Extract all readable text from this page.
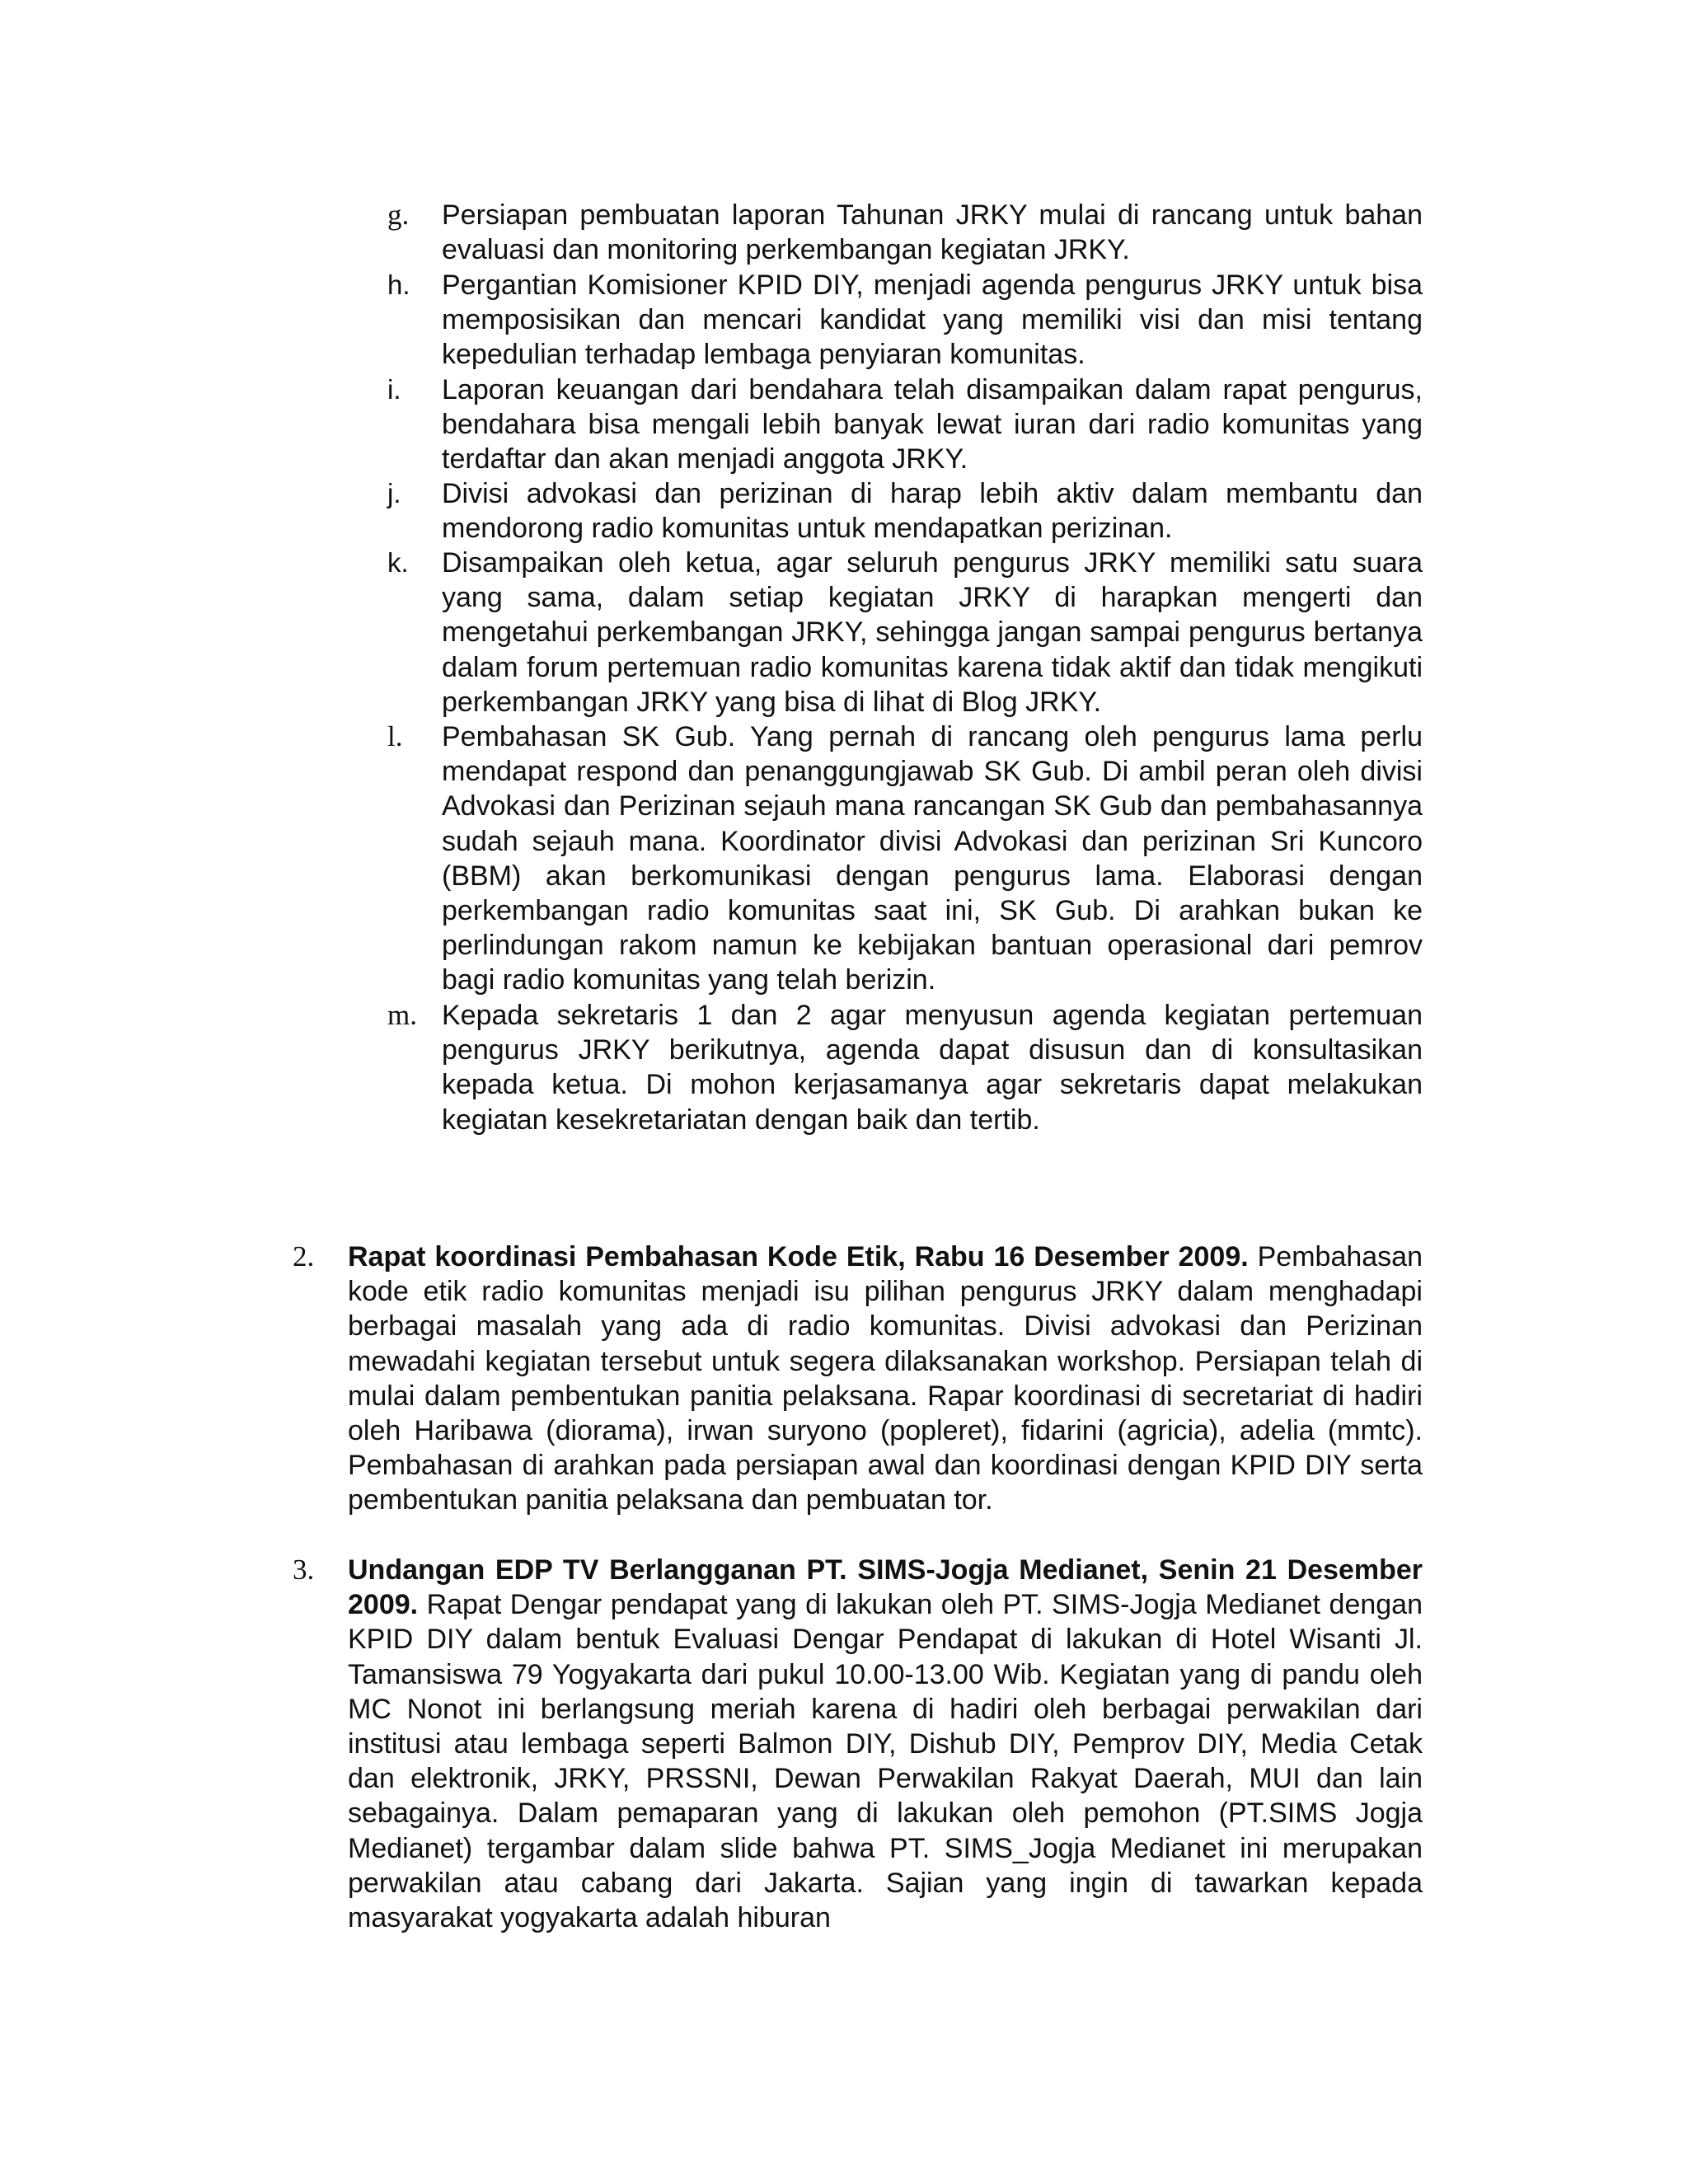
g.	Persiapan pembuatan laporan Tahunan JRKY mulai di rancang untuk bahan evaluasi dan monitoring perkembangan kegiatan JRKY.
h.	Pergantian Komisioner KPID DIY, menjadi agenda pengurus JRKY untuk bisa memposisikan dan mencari kandidat yang memiliki visi dan misi tentang kepedulian terhadap lembaga penyiaran komunitas.
i.	Laporan keuangan dari bendahara telah disampaikan dalam rapat pengurus, bendahara bisa mengali lebih banyak lewat iuran dari radio komunitas yang terdaftar dan akan menjadi anggota JRKY.
j.	Divisi advokasi dan perizinan di harap lebih aktiv dalam membantu dan mendorong radio komunitas untuk mendapatkan perizinan.
k.	Disampaikan oleh ketua, agar seluruh pengurus JRKY memiliki satu suara yang sama, dalam setiap kegiatan JRKY di harapkan mengerti dan mengetahui perkembangan JRKY, sehingga jangan sampai pengurus bertanya dalam forum pertemuan radio komunitas karena tidak aktif dan tidak mengikuti perkembangan JRKY yang bisa di lihat di Blog JRKY.
l.	Pembahasan SK Gub. Yang pernah di rancang oleh pengurus lama perlu mendapat respond dan penanggungjawab SK Gub. Di ambil peran oleh divisi Advokasi dan Perizinan sejauh mana rancangan SK Gub dan pembahasannya sudah sejauh mana. Koordinator divisi Advokasi dan perizinan Sri Kuncoro (BBM) akan berkomunikasi dengan pengurus lama. Elaborasi dengan perkembangan radio komunitas saat ini, SK Gub. Di arahkan bukan ke perlindungan rakom namun ke kebijakan bantuan operasional dari pemrov bagi radio komunitas yang telah berizin.
m. Kepada sekretaris 1 dan 2 agar menyusun agenda kegiatan pertemuan pengurus JRKY berikutnya, agenda dapat disusun dan di konsultasikan kepada ketua. Di mohon kerjasamanya agar sekretaris dapat melakukan kegiatan kesekretariatan dengan baik dan tertib.
2.	Rapat koordinasi Pembahasan Kode Etik, Rabu 16 Desember 2009. Pembahasan kode etik radio komunitas menjadi isu pilihan pengurus JRKY dalam menghadapi berbagai masalah yang ada di radio komunitas. Divisi advokasi dan Perizinan mewadahi kegiatan tersebut untuk segera dilaksanakan workshop. Persiapan telah di mulai dalam pembentukan panitia pelaksana. Rapar koordinasi di secretariat di hadiri oleh Haribawa (diorama), irwan suryono (popleret), fidarini (agricia), adelia (mmtc). Pembahasan di arahkan pada persiapan awal dan koordinasi dengan KPID DIY serta pembentukan panitia pelaksana dan pembuatan tor.
3.	Undangan EDP TV Berlangganan PT. SIMS-Jogja Medianet, Senin 21 Desember 2009. Rapat Dengar pendapat yang di lakukan oleh PT. SIMS-Jogja Medianet dengan KPID DIY dalam bentuk Evaluasi Dengar Pendapat di lakukan di Hotel Wisanti Jl. Tamansiswa 79 Yogyakarta dari pukul 10.00-13.00 Wib. Kegiatan yang di pandu oleh MC Nonot ini berlangsung meriah karena di hadiri oleh berbagai perwakilan dari institusi atau lembaga seperti Balmon DIY, Dishub DIY, Pemprov DIY, Media Cetak dan elektronik, JRKY, PRSSNI, Dewan Perwakilan Rakyat Daerah, MUI dan lain sebagainya. Dalam pemaparan yang di lakukan oleh pemohon (PT.SIMS Jogja Medianet) tergambar dalam slide bahwa PT. SIMS_Jogja Medianet ini merupakan perwakilan atau cabang dari Jakarta. Sajian yang ingin di tawarkan kepada masyarakat yogyakarta adalah hiburan
